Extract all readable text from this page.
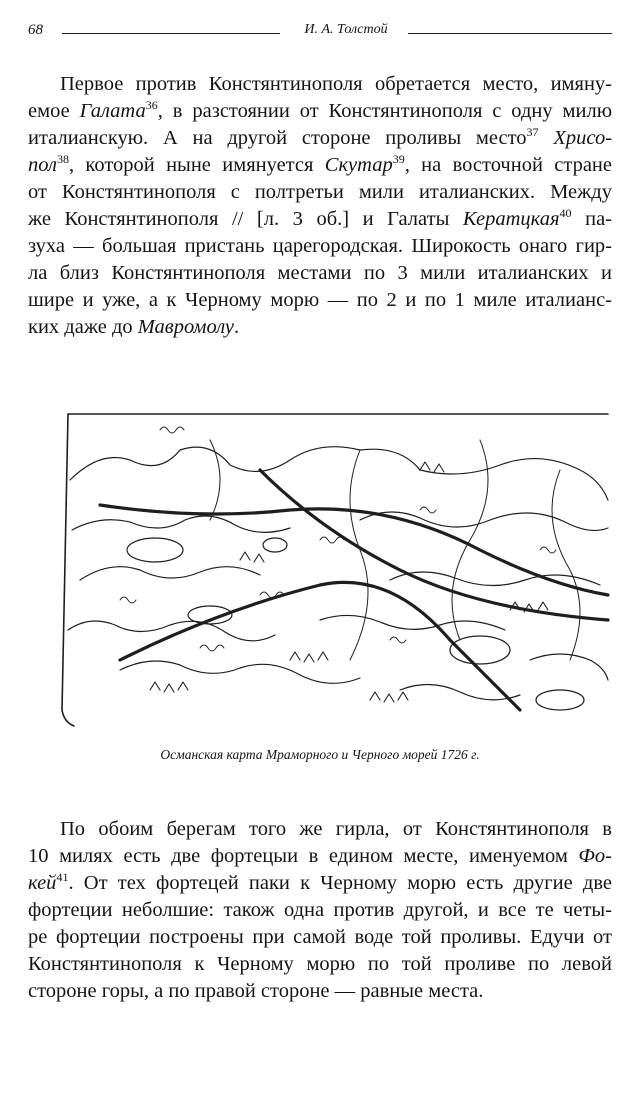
68	И. А. Толстой
Первое против Констянтинополя обретается место, имяну-
емое Галата$^{36}$, в разстоянии от Констянтинополя с одну милю
италианскую. А на другой стороне проливы место$^{37}$ Хрисо-
пол$^{38}$, которой ныне имянуется Скутар$^{39}$, на восточной стране
от Констянтинополя с полтретьи мили италианских. Между
же Констянтинополя // [л. 3 об.] и Галаты Кератцкая$^{40}$ па-
зуха — большая пристань царегородская. Широкость онаго гир-
ла близ Констянтинополя местами по 3 мили италианских и
шире и уже, а к Черному морю — по 2 и по 1 миле италианс-
ких даже до Мавромолу.
Османская карта Мраморного и Черного морей 1726 г.
По обоим берегам того же гирла, от Констянтинополя в
10 милях есть две фортецыи в едином месте, именуемом Фо-
кей$^{41}$. От тех фортецей паки к Черному морю есть другие две
фортеции неболшие: також одна против другой, и все те четы-
ре фортеции построены при самой воде той проливы. Едучи от
Констянтинополя к Черному морю по той проливе по левой
стороне горы, а по правой стороне — равные места.
